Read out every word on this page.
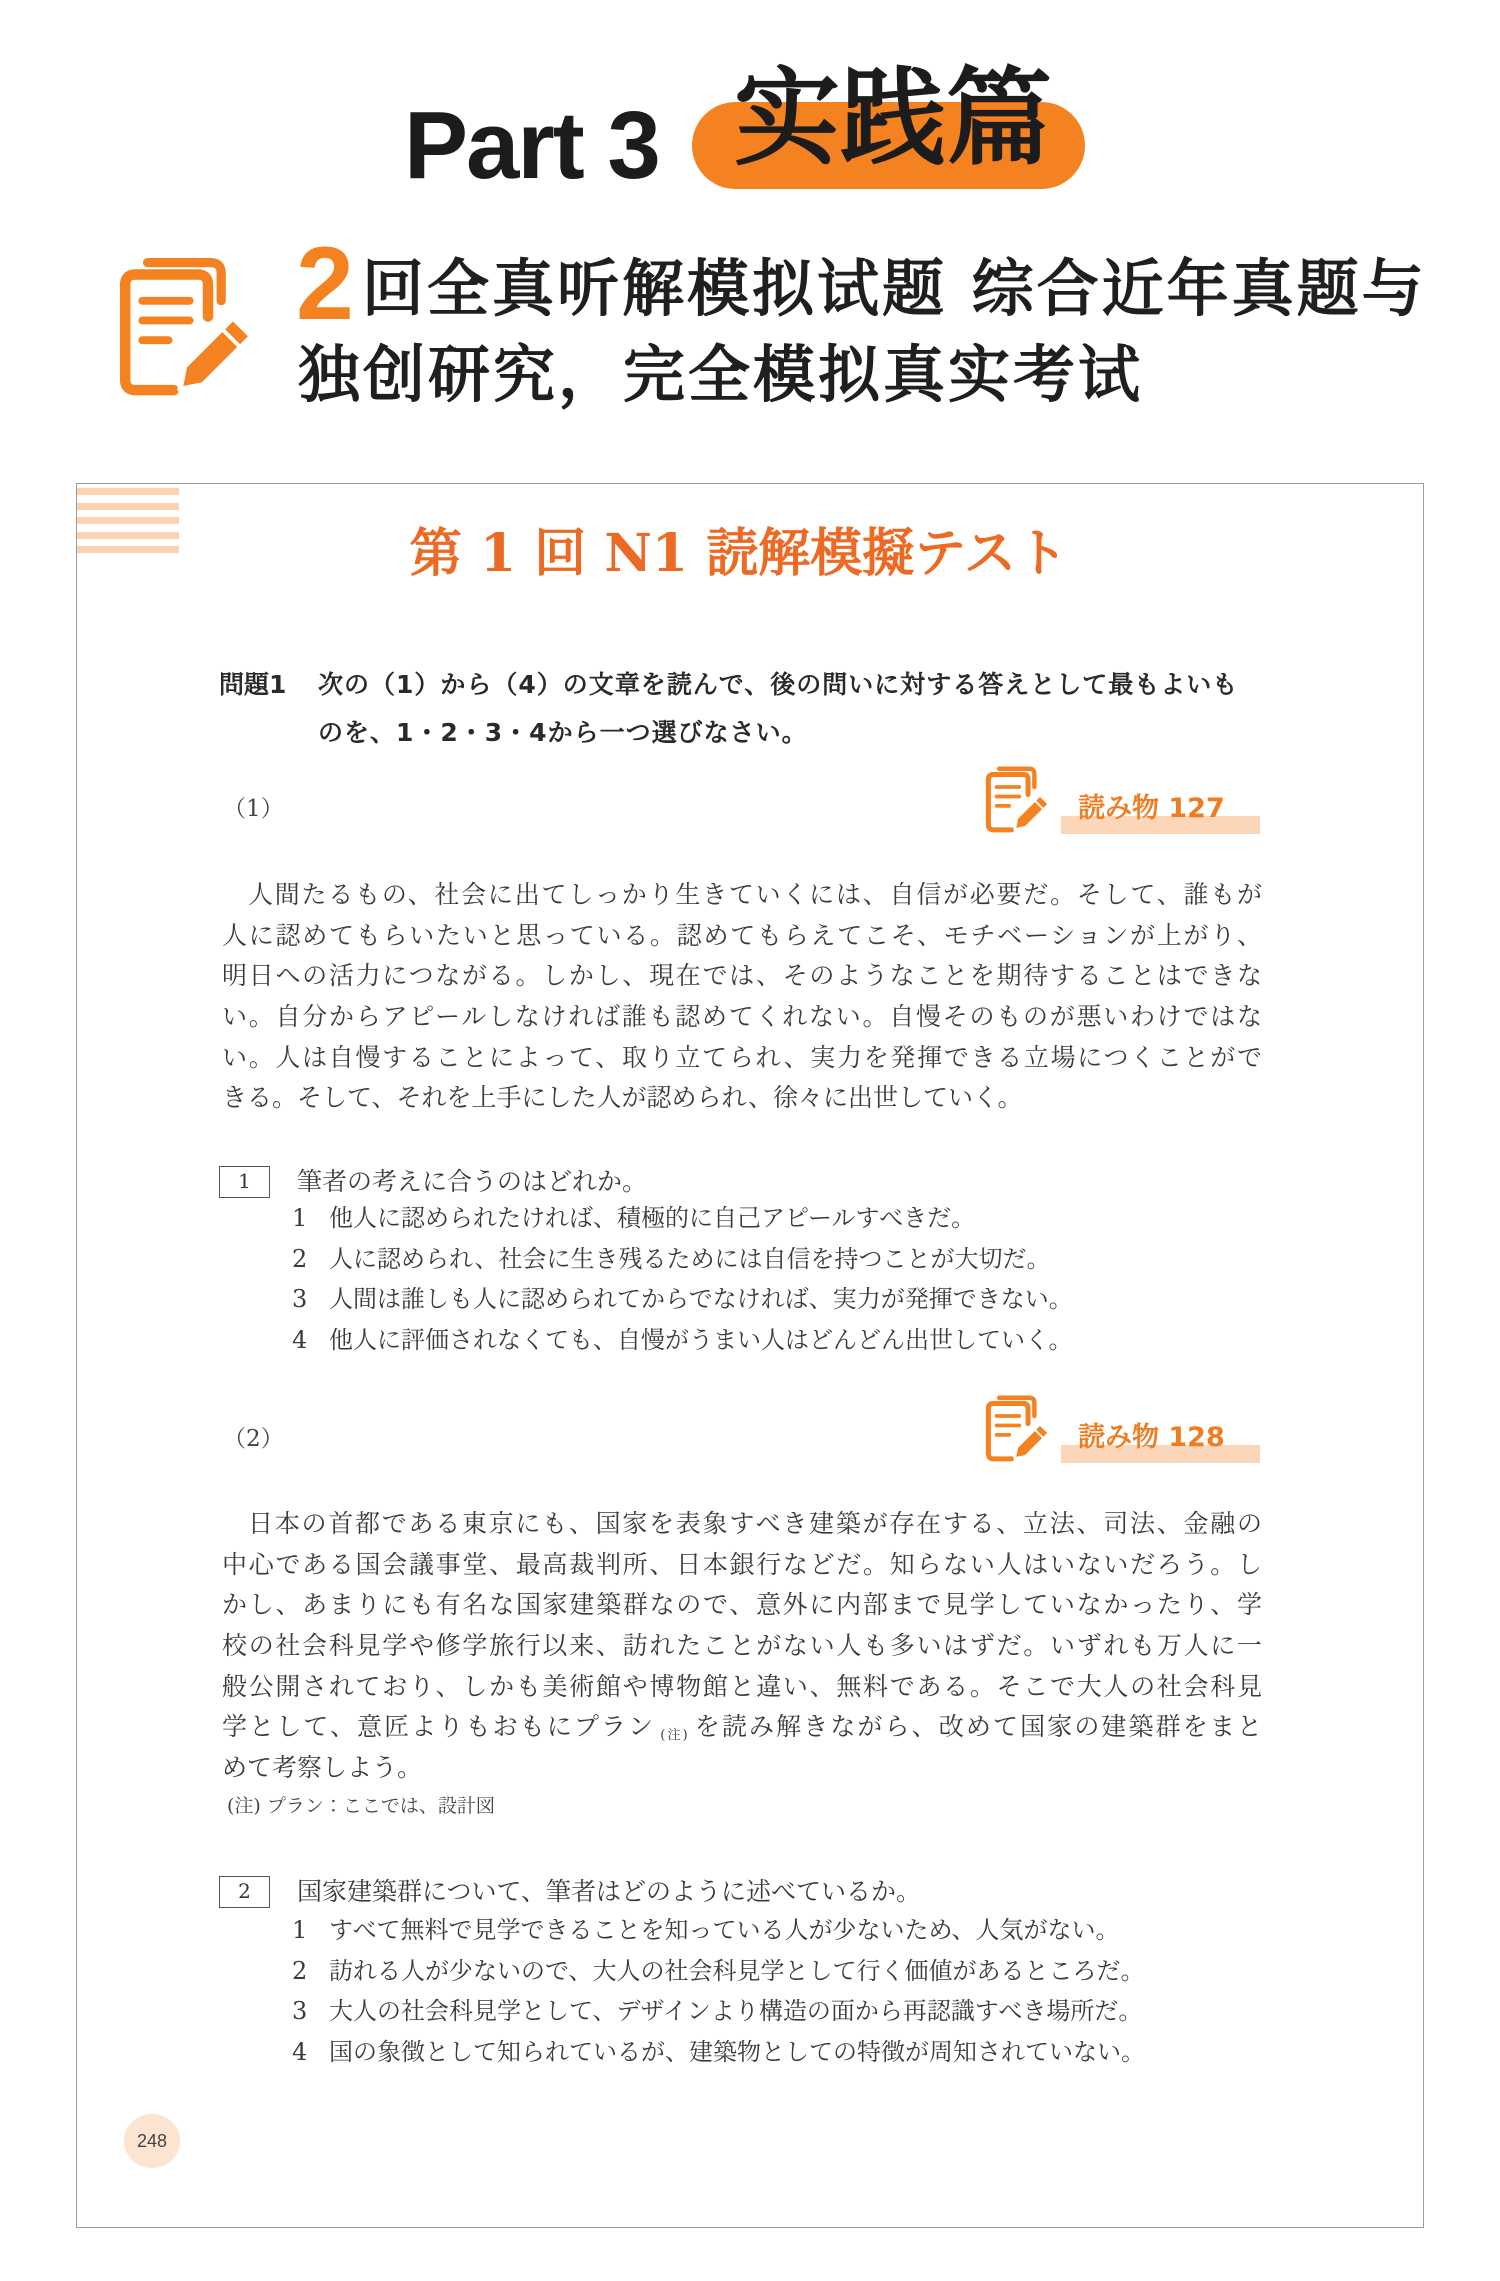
Part 3 实践篇
2 回全真听解模拟试题 综合近年真题与
独创研究，完全模拟真实考试
第 1 回 N1 読解模擬テスト
問題1 次の（1）から（4）の文章を読んで、後の問いに対する答えとして最もよいも
のを、1・2・3・4から一つ選びなさい。
（1）	読み物 127
人間たるもの、社会に出てしっかり生きていくには、自信が必要だ。そして、誰もが
人に認めてもらいたいと思っている。認めてもらえてこそ、モチベーションが上がり、
明日への活力につながる。しかし、現在では、そのようなことを期待することはできな
い。自分からアピールしなければ誰も認めてくれない。自慢そのものが悪いわけではな
い。人は自慢することによって、取り立てられ、実力を発揮できる立場につくことがで
きる。そして、それを上手にした人が認められ、徐々に出世していく。
1	筆者の考えに合うのはどれか。
1 他人に認められたければ、積極的に自己アピールすべきだ。
2 人に認められ、社会に生き残るためには自信を持つことが大切だ。
3 人間は誰しも人に認められてからでなければ、実力が発揮できない。
4 他人に評価されなくても、自慢がうまい人はどんどん出世していく。
（2）	読み物 128
日本の首都である東京にも、国家を表象すべき建築が存在する、立法、司法、金融の
中心である国会議事堂、最高裁判所、日本銀行などだ。知らない人はいないだろう。し
かし、あまりにも有名な国家建築群なので、意外に内部まで見学していなかったり、学
校の社会科見学や修学旅行以来、訪れたことがない人も多いはずだ。いずれも万人に一
般公開されており、しかも美術館や博物館と違い、無料である。そこで大人の社会科見
学として、意匠よりもおもにプラン (注) を読み解きながら、改めて国家の建築群をまと
めて考察しよう。
(注) プラン：ここでは、設計図
2	国家建築群について、筆者はどのように述べているか。
1 すべて無料で見学できることを知っている人が少ないため、人気がない。
2 訪れる人が少ないので、大人の社会科見学として行く価値があるところだ。
3 大人の社会科見学として、デザインより構造の面から再認識すべき場所だ。
4 国の象徴として知られているが、建築物としての特徴が周知されていない。
248
